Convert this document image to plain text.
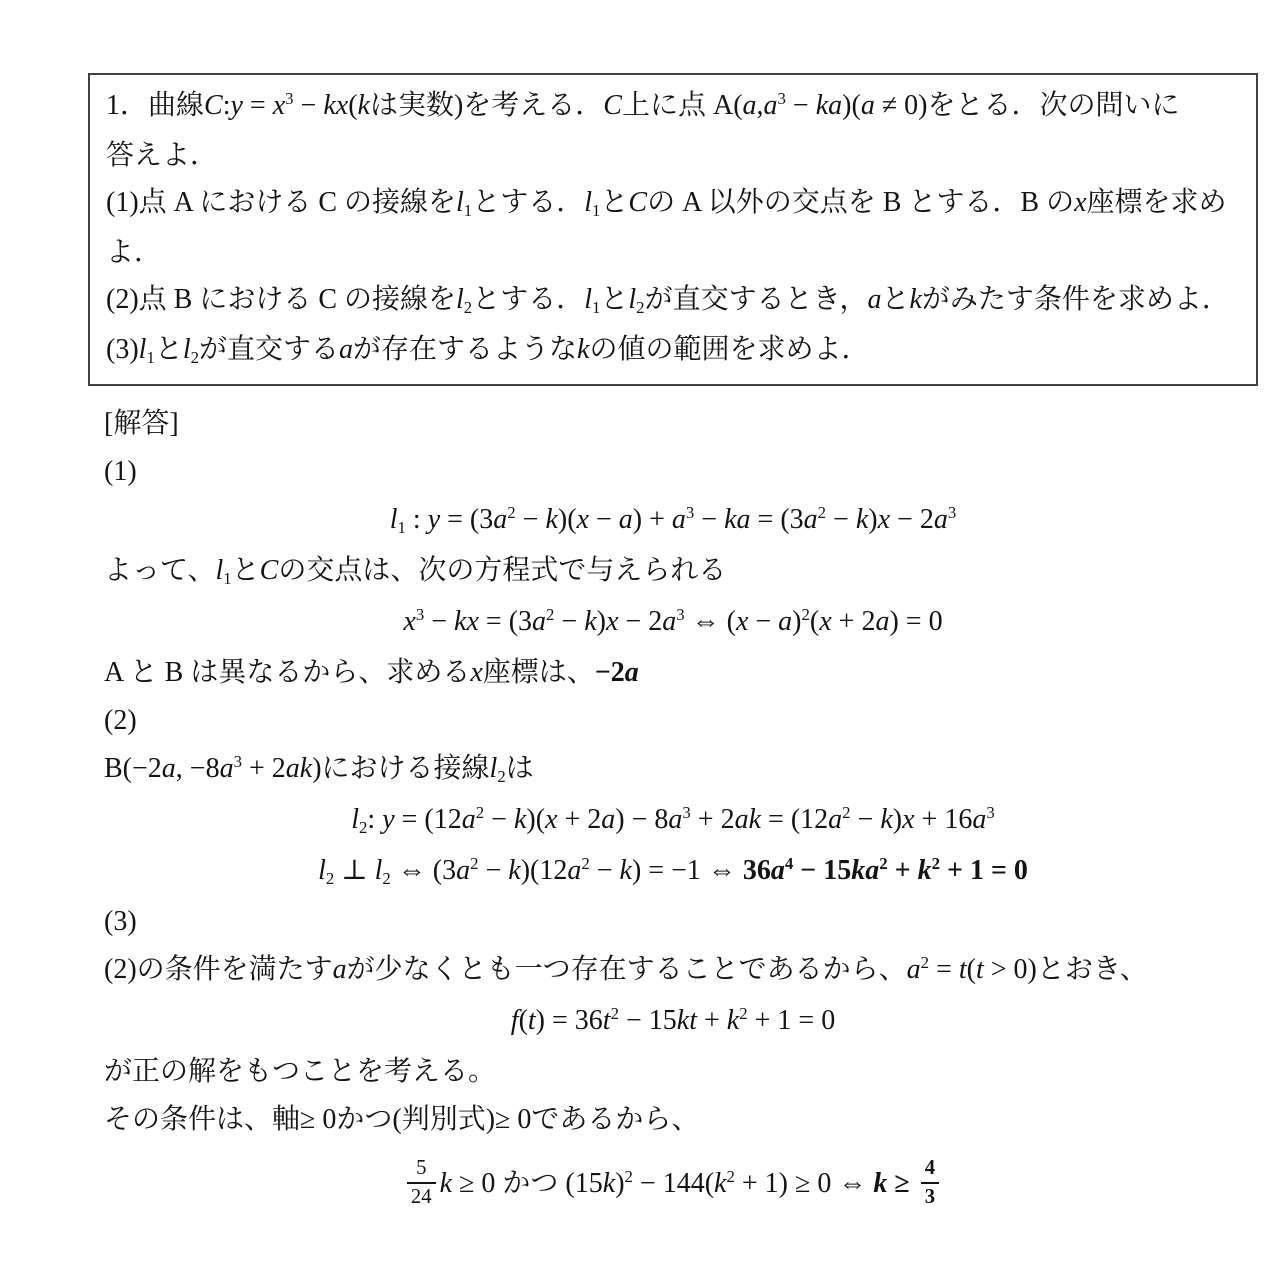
1．曲線C:y = $x^3 - kx(k$は実数)を考える．C上に点 $A(a,a^3 - ka)(a \ne 0)$をとる．次の問いに
答えよ．
(1)点 A における C の接線をl1とする．l1とCの A 以外の交点を B とする．B のx座標を求め
よ．
(2)点 B における C の接線をl2とする．l1とl2が直交するとき，aとkがみたす条件を求めよ．
(3)l1とl2が直交するaが存在するようなkの値の範囲を求めよ．
[解答]
(1)
l1 : $y = (3a^2 - k)(x - a) + a^3$ − ka = $(3a^2 - k)x - 2a^3$
よって、l1とCの交点は、次の方程式で与えられる
$x^3$ − kx = $(3a^2 - k)x - 2a^3$ ⇔ $(x - a)^2(x + 2a) = 0$
A と B は異なるから、求めるx座標は、−2a
(2)
B(−2a, $-8a^3 + 2ak$)における接線l2は
l2: $y = (12a^2 - k)(x + 2a) - 8a^3 + 2ak = (12a^2 - k)x + 16a^3$
l2 ⊥ l2 ⇔ $(3a^2 - k)(12a^2 - k) = -1$ ⇔ $36a^4 - 15ka^2 + k^2 + 1 = 0$
(3)
(2)の条件を満たすaが少なくとも一つ存在することであるから、$a^2 = t(t > 0)$とおき、
$f(t) = 36t^2 - 15kt + k^2 + 1 = 0$
が正の解をもつことを考える。
その条件は、軸≥ 0かつ(判別式)≥ 0であるから、
$\frac{5}{24}$ k ≥ 0 かつ $(15k)^2 - 144(k^2 + 1) \ge 0$ ⇔ $k \ge \frac{4}{3}$
